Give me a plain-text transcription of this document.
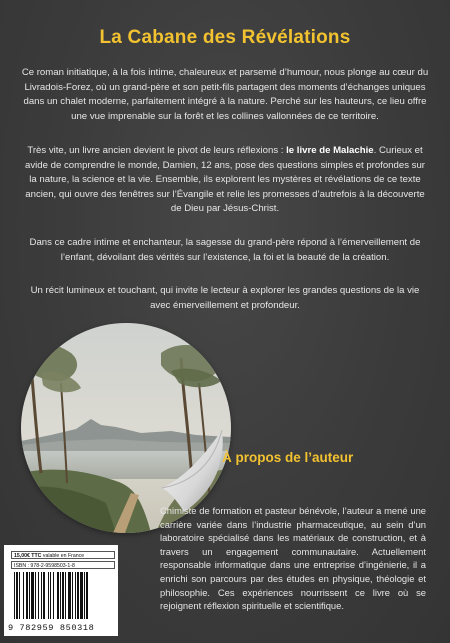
La Cabane des Révélations
Ce roman initiatique, à la fois intime, chaleureux et parsemé d’humour, nous plonge au cœur du Livradois-Forez, où un grand-père et son petit-fils partagent des moments d’échanges uniques dans un chalet moderne, parfaitement intégré à la nature. Perché sur les hauteurs, ce lieu offre une vue imprenable sur la forêt et les collines vallonnées de ce territoire.
Très vite, un livre ancien devient le pivot de leurs réflexions : le livre de Malachie. Curieux et avide de comprendre le monde, Damien, 12 ans, pose des questions simples et profondes sur la nature, la science et la vie. Ensemble, ils explorent les mystères et révélations de ce texte ancien, qui ouvre des fenêtres sur l’Évangile et relie les promesses d’autrefois à la découverte de Dieu par Jésus-Christ.
Dans ce cadre intime et enchanteur, la sagesse du grand-père répond à l’émerveillement de l’enfant, dévoilant des vérités sur l’existence, la foi et la beauté de la création.
Un récit lumineux et touchant, qui invite le lecteur à explorer les grandes questions de la vie avec émerveillement et profondeur.
À propos de l’auteur
Chimiste de formation et pasteur bénévole, l’auteur a mené une carrière variée dans l’industrie pharmaceutique, au sein d’un laboratoire spécialisé dans les matériaux de construction, et à travers un engagement communautaire. Actuellement responsable informatique dans une entreprise d’ingénierie, il a enrichi son parcours par des études en physique, théologie et philosophie. Ces expériences nourrissent ce livre où se rejoignent réflexion spirituelle et scientifique.
15,00€ TTC valable en France
ISBN : 978-2-9598503-1-8
9 782959 850318
